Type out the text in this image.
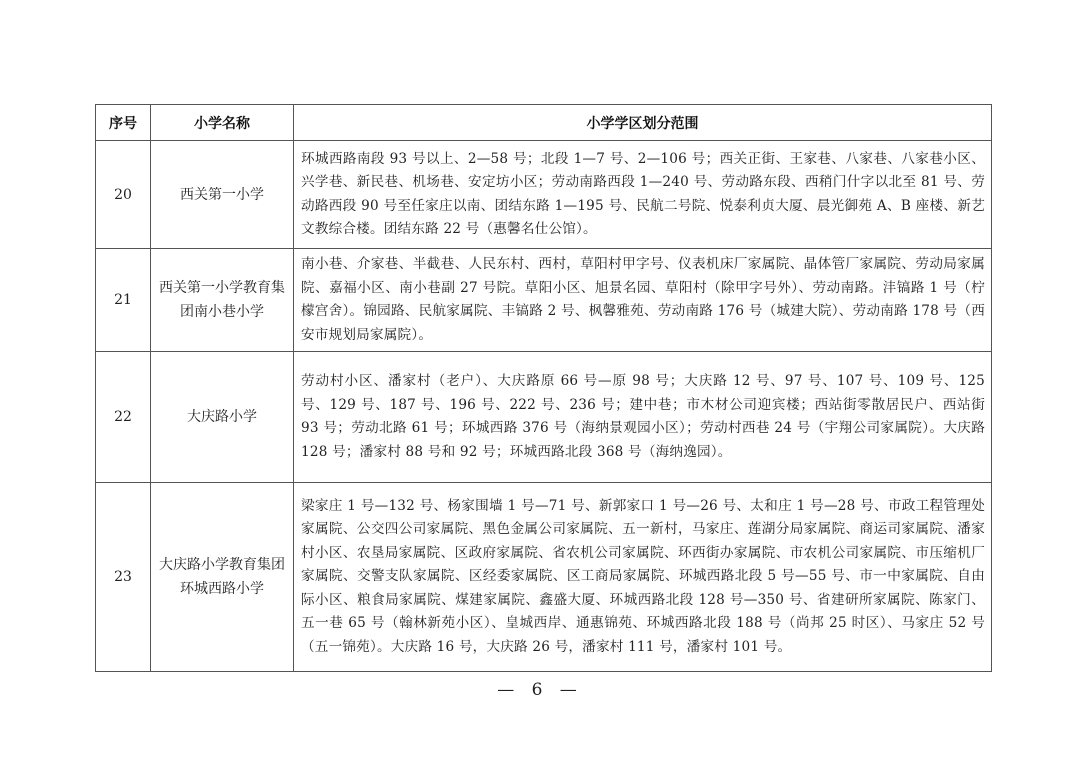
序号	小学名称	小学学区划分范围
20	西关第一小学	环城西路南段 93 号以上、2—58 号；北段 1—7 号、2—106 号；西关正街、王家巷、八家巷、八家巷小区、兴学巷、新民巷、机场巷、安定坊小区；劳动南路西段 1—240 号、劳动路东段、西稍门什字以北至 81 号、劳动路西段 90 号至任家庄以南、团结东路 1—195 号、民航二号院、悦泰利贞大厦、晨光御苑 A、B 座楼、新艺文教综合楼。团结东路 22 号（惠馨名仕公馆）。
21	西关第一小学教育集团南小巷小学	南小巷、介家巷、半截巷、人民东村、西村，草阳村甲字号、仪表机床厂家属院、晶体管厂家属院、劳动局家属院、嘉福小区、南小巷副 27 号院。草阳小区、旭景名园、草阳村（除甲字号外）、劳动南路。沣镐路 1 号（柠檬宫舍）。锦园路、民航家属院、丰镐路 2 号、枫馨雅苑、劳动南路 176 号（城建大院）、劳动南路 178 号（西安市规划局家属院）。
22	大庆路小学	劳动村小区、潘家村（老户）、大庆路原 66 号—原 98 号；大庆路 12 号、97 号、107 号、109 号、125 号、129 号、187 号、196 号、222 号、236 号；建中巷；市木材公司迎宾楼；西站街零散居民户、西站街 93 号；劳动北路 61 号；环城西路 376 号（海纳景观园小区）；劳动村西巷 24 号（宇翔公司家属院）。大庆路 128 号；潘家村 88 号和 92 号；环城西路北段 368 号（海纳逸园）。
23	大庆路小学教育集团环城西路小学	梁家庄 1 号—132 号、杨家围墙 1 号—71 号、新郭家口 1 号—26 号、太和庄 1 号—28 号、市政工程管理处家属院、公交四公司家属院、黑色金属公司家属院、五一新村，马家庄、莲湖分局家属院、商运司家属院、潘家村小区、农垦局家属院、区政府家属院、省农机公司家属院、环西街办家属院、市农机公司家属院、市压缩机厂家属院、交警支队家属院、区经委家属院、区工商局家属院、环城西路北段 5 号—55 号、市一中家属院、自由际小区、粮食局家属院、煤建家属院、鑫盛大厦、环城西路北段 128 号—350 号、省建研所家属院、陈家门、五一巷 65 号（翰林新苑小区）、皇城西岸、通惠锦苑、环城西路北段 188 号（尚邦 25 时区）、马家庄 52 号（五一锦苑）。大庆路 16 号，大庆路 26 号，潘家村 111 号，潘家村 101 号。
— 6 —
